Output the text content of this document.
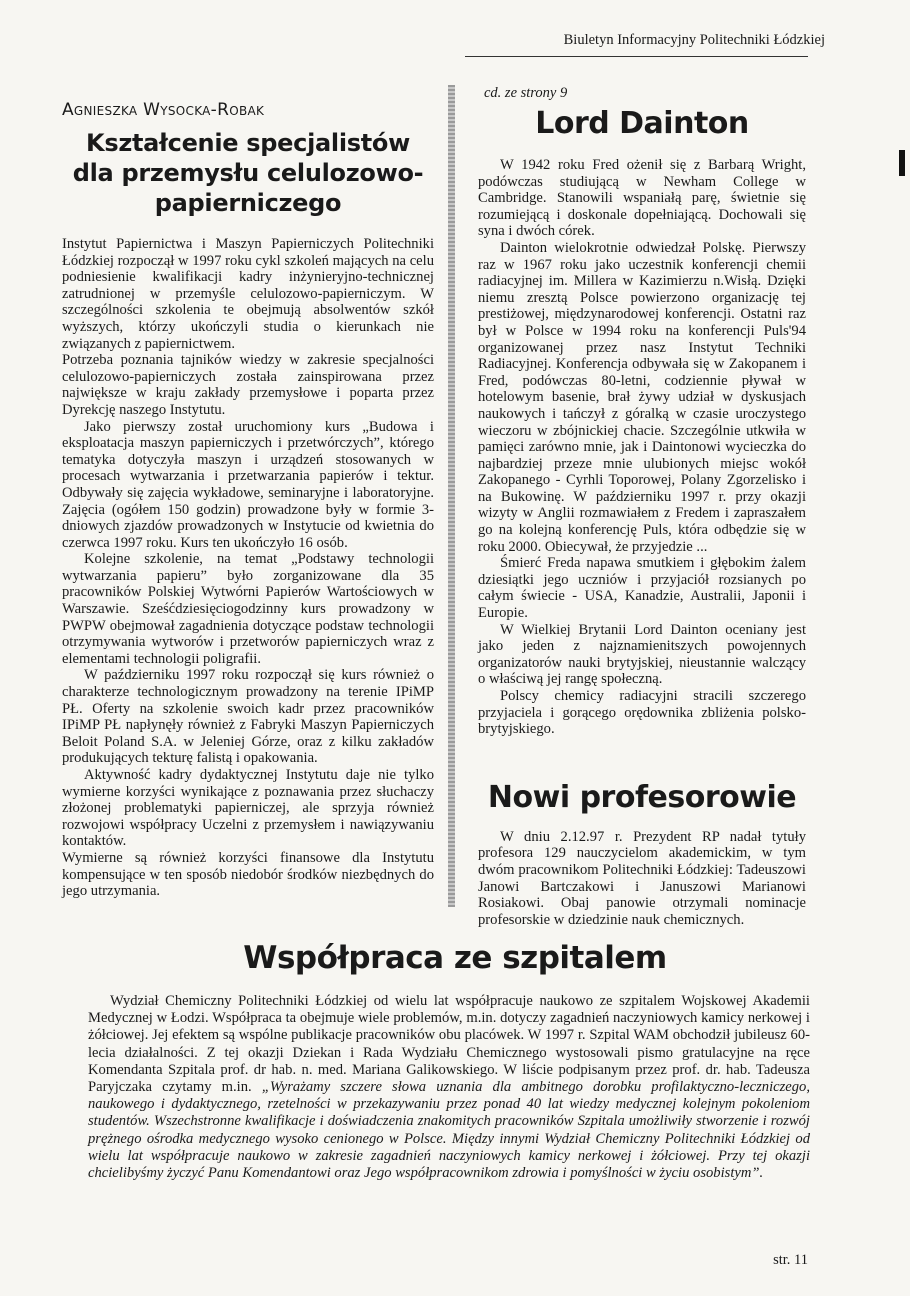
Biuletyn Informacyjny Politechniki Łódzkiej
Agnieszka Wysocka-Robak
Kształcenie specjalistów dla przemysłu celulozowo-papierniczego

Instytut Papiernictwa i Maszyn Papierniczych Politechniki Łódzkiej rozpoczął w 1997 roku cykl szkoleń mających na celu podniesienie kwalifikacji kadry inżynieryjno-technicznej zatrudnionej w przemyśle celulozowo-papierniczym. W szczególności szkolenia te obejmują absolwentów szkół wyższych, którzy ukończyli studia o kierunkach nie związanych z papiernictwem.

Potrzeba poznania tajników wiedzy w zakresie specjalności celulozowo-papierniczych została zainspirowana przez największe w kraju zakłady przemysłowe i poparta przez Dyrekcję naszego Instytutu.

Jako pierwszy został uruchomiony kurs „Budowa i eksploatacja maszyn papierniczych i przetwórczych”, którego tematyka dotyczyła maszyn i urządzeń stosowanych w procesach wytwarzania i przetwarzania papierów i tektur. Odbywały się zajęcia wykładowe, seminaryjne i laboratoryjne. Zajęcia (ogółem 150 godzin) prowadzone były w formie 3-dniowych zjazdów prowadzonych w Instytucie od kwietnia do czerwca 1997 roku. Kurs ten ukończyło 16 osób.

Kolejne szkolenie, na temat „Podstawy technologii wytwarzania papieru” było zorganizowane dla 35 pracowników Polskiej Wytwórni Papierów Wartościowych w Warszawie. Sześćdziesięciogodzinny kurs prowadzony w PWPW obejmował zagadnienia dotyczące podstaw technologii otrzymywania wytworów i przetworów papierniczych wraz z elementami technologii poligrafii.

W październiku 1997 roku rozpoczął się kurs również o charakterze technologicznym prowadzony na terenie IPiMP PŁ. Oferty na szkolenie swoich kadr przez pracowników IPiMP PŁ napłynęły również z Fabryki Maszyn Papierniczych Beloit Poland S.A. w Jeleniej Górze, oraz z kilku zakładów produkujących tekturę falistą i opakowania.

Aktywność kadry dydaktycznej Instytutu daje nie tylko wymierne korzyści wynikające z poznawania przez słuchaczy złożonej problematyki papierniczej, ale sprzyja również rozwojowi współpracy Uczelni z przemysłem i nawiązywaniu kontaktów.

Wymierne są również korzyści finansowe dla Instytutu kompensujące w ten sposób niedobór środków niezbędnych do jego utrzymania.

cd. ze strony 9
Lord Dainton

W 1942 roku Fred ożenił się z Barbarą Wright, podówczas studiującą w Newham College w Cambridge. Stanowili wspaniałą parę, świetnie się rozumiejącą i doskonale dopełniającą. Dochowali się syna i dwóch córek.

Dainton wielokrotnie odwiedzał Polskę. Pierwszy raz w 1967 roku jako uczestnik konferencji chemii radiacyjnej im. Millera w Kazimierzu n.Wisłą. Dzięki niemu zresztą Polsce powierzono organizację tej prestiżowej, międzynarodowej konferencji. Ostatni raz był w Polsce w 1994 roku na konferencji Puls'94 organizowanej przez nasz Instytut Techniki Radiacyjnej. Konferencja odbywała się w Zakopanem i Fred, podówczas 80-letni, codziennie pływał w hotelowym basenie, brał żywy udział w dyskusjach naukowych i tańczył z góralką w czasie uroczystego wieczoru w zbójnickiej chacie. Szczególnie utkwiła w pamięci zarówno mnie, jak i Daintonowi wycieczka do najbardziej przeze mnie ulubionych miejsc wokół Zakopanego - Cyrhli Toporowej, Polany Zgorzelisko i na Bukowinę. W październiku 1997 r. przy okazji wizyty w Anglii rozmawiałem z Fredem i zapraszałem go na kolejną konferencję Puls, która odbędzie się w roku 2000. Obiecywał, że przyjedzie ...

Śmierć Freda napawa smutkiem i głębokim żalem dziesiątki jego uczniów i przyjaciół rozsianych po całym świecie - USA, Kanadzie, Australii, Japonii i Europie.

W Wielkiej Brytanii Lord Dainton oceniany jest jako jeden z najznamienitszych powojennych organizatorów nauki brytyjskiej, nieustannie walczący o właściwą jej rangę społeczną.

Polscy chemicy radiacyjni stracili szczerego przyjaciela i gorącego orędownika zbliżenia polsko-brytyjskiego.

Nowi profesorowie

W dniu 2.12.97 r. Prezydent RP nadał tytuły profesora 129 nauczycielom akademickim, w tym dwóm pracownikom Politechniki Łódzkiej: Tadeuszowi Janowi Bartczakowi i Januszowi Marianowi Rosiakowi. Obaj panowie otrzymali nominacje profesorskie w dziedzinie nauk chemicznych.

Współpraca ze szpitalem

Wydział Chemiczny Politechniki Łódzkiej od wielu lat współpracuje naukowo ze szpitalem Wojskowej Akademii Medycznej w Łodzi. Współpraca ta obejmuje wiele problemów, m.in. dotyczy zagadnień naczyniowych kamicy nerkowej i żółciowej. Jej efektem są wspólne publikacje pracowników obu placówek. W 1997 r. Szpital WAM obchodził jubileusz 60-lecia działalności. Z tej okazji Dziekan i Rada Wydziału Chemicznego wystosowali pismo gratulacyjne na ręce Komendanta Szpitala prof. dr hab. n. med. Mariana Galikowskiego. W liście podpisanym przez prof. dr. hab. Tadeusza Paryjczaka czytamy m.in. „Wyrażamy szczere słowa uznania dla ambitnego dorobku profilaktyczno-leczniczego, naukowego i dydaktycznego, rzetelności w przekazywaniu przez ponad 40 lat wiedzy medycznej kolejnym pokoleniom studentów. Wszechstronne kwalifikacje i doświadczenia znakomitych pracowników Szpitala umożliwiły stworzenie i rozwój prężnego ośrodka medycznego wysoko cenionego w Polsce. Między innymi Wydział Chemiczny Politechniki Łódzkiej od wielu lat współpracuje naukowo w zakresie zagadnień naczyniowych kamicy nerkowej i żółciowej. Przy tej okazji chcielibyśmy życzyć Panu Komendantowi oraz Jego współpracownikom zdrowia i pomyślności w życiu osobistym”.

str. 11
